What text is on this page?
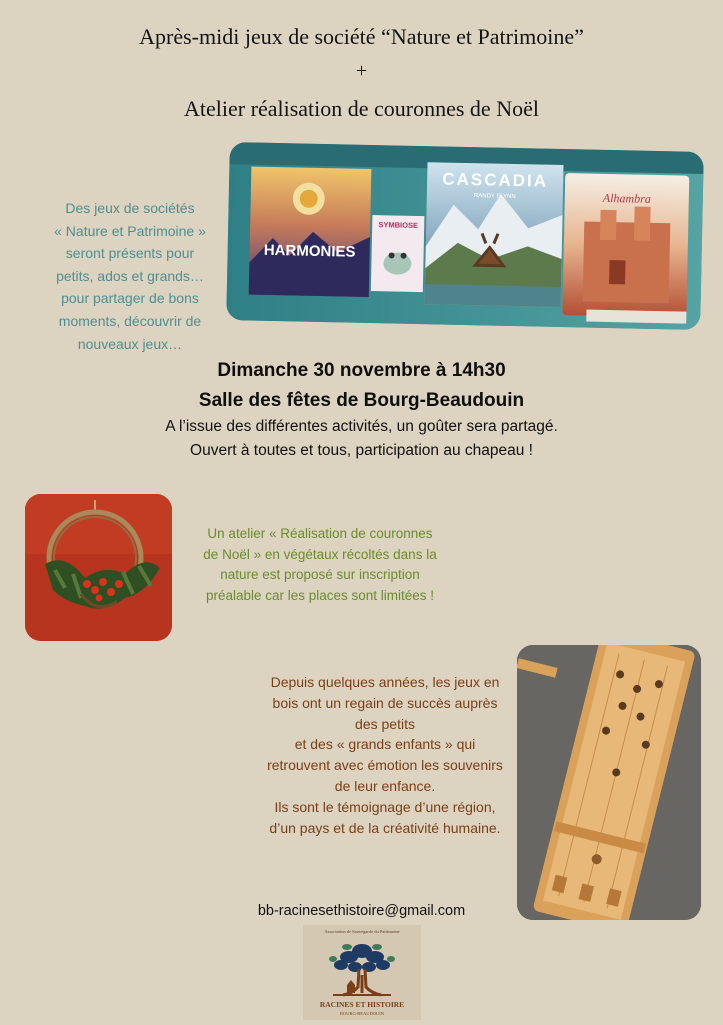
Après-midi jeux de société “Nature et Patrimoine”
+
Atelier réalisation de couronnes de Noël
Des jeux de sociétés
« Nature et Patrimoine »
seront présents pour
petits, ados et grands…
pour partager de bons
moments, découvrir de
nouveaux jeux…
HARMONIES
SYMBIOSE
CASCADIA
RANDY FLYNN	Alhambra
Dimanche 30 novembre à 14h30
Salle des fêtes de Bourg-Beaudouin
A l’issue des différentes activités, un goûter sera partagé.
Ouvert à toutes et tous, participation au chapeau !
Un atelier « Réalisation de couronnes
de Noël » en végétaux récoltés dans la
nature est proposé sur inscription
préalable car les places sont limitées !
Depuis quelques années, les jeux en
bois ont un regain de succès auprès
des petits
et des « grands enfants » qui
retrouvent avec émotion les souvenirs
de leur enfance.
Ils sont le témoignage d’une région,
d’un pays et de la créativité humaine.
bb-racinesethistoire@gmail.com
Association de Sauvegarde du Patrimoine
RACINES ET HISTOIRE
BOURG-BEAUDOUIN
